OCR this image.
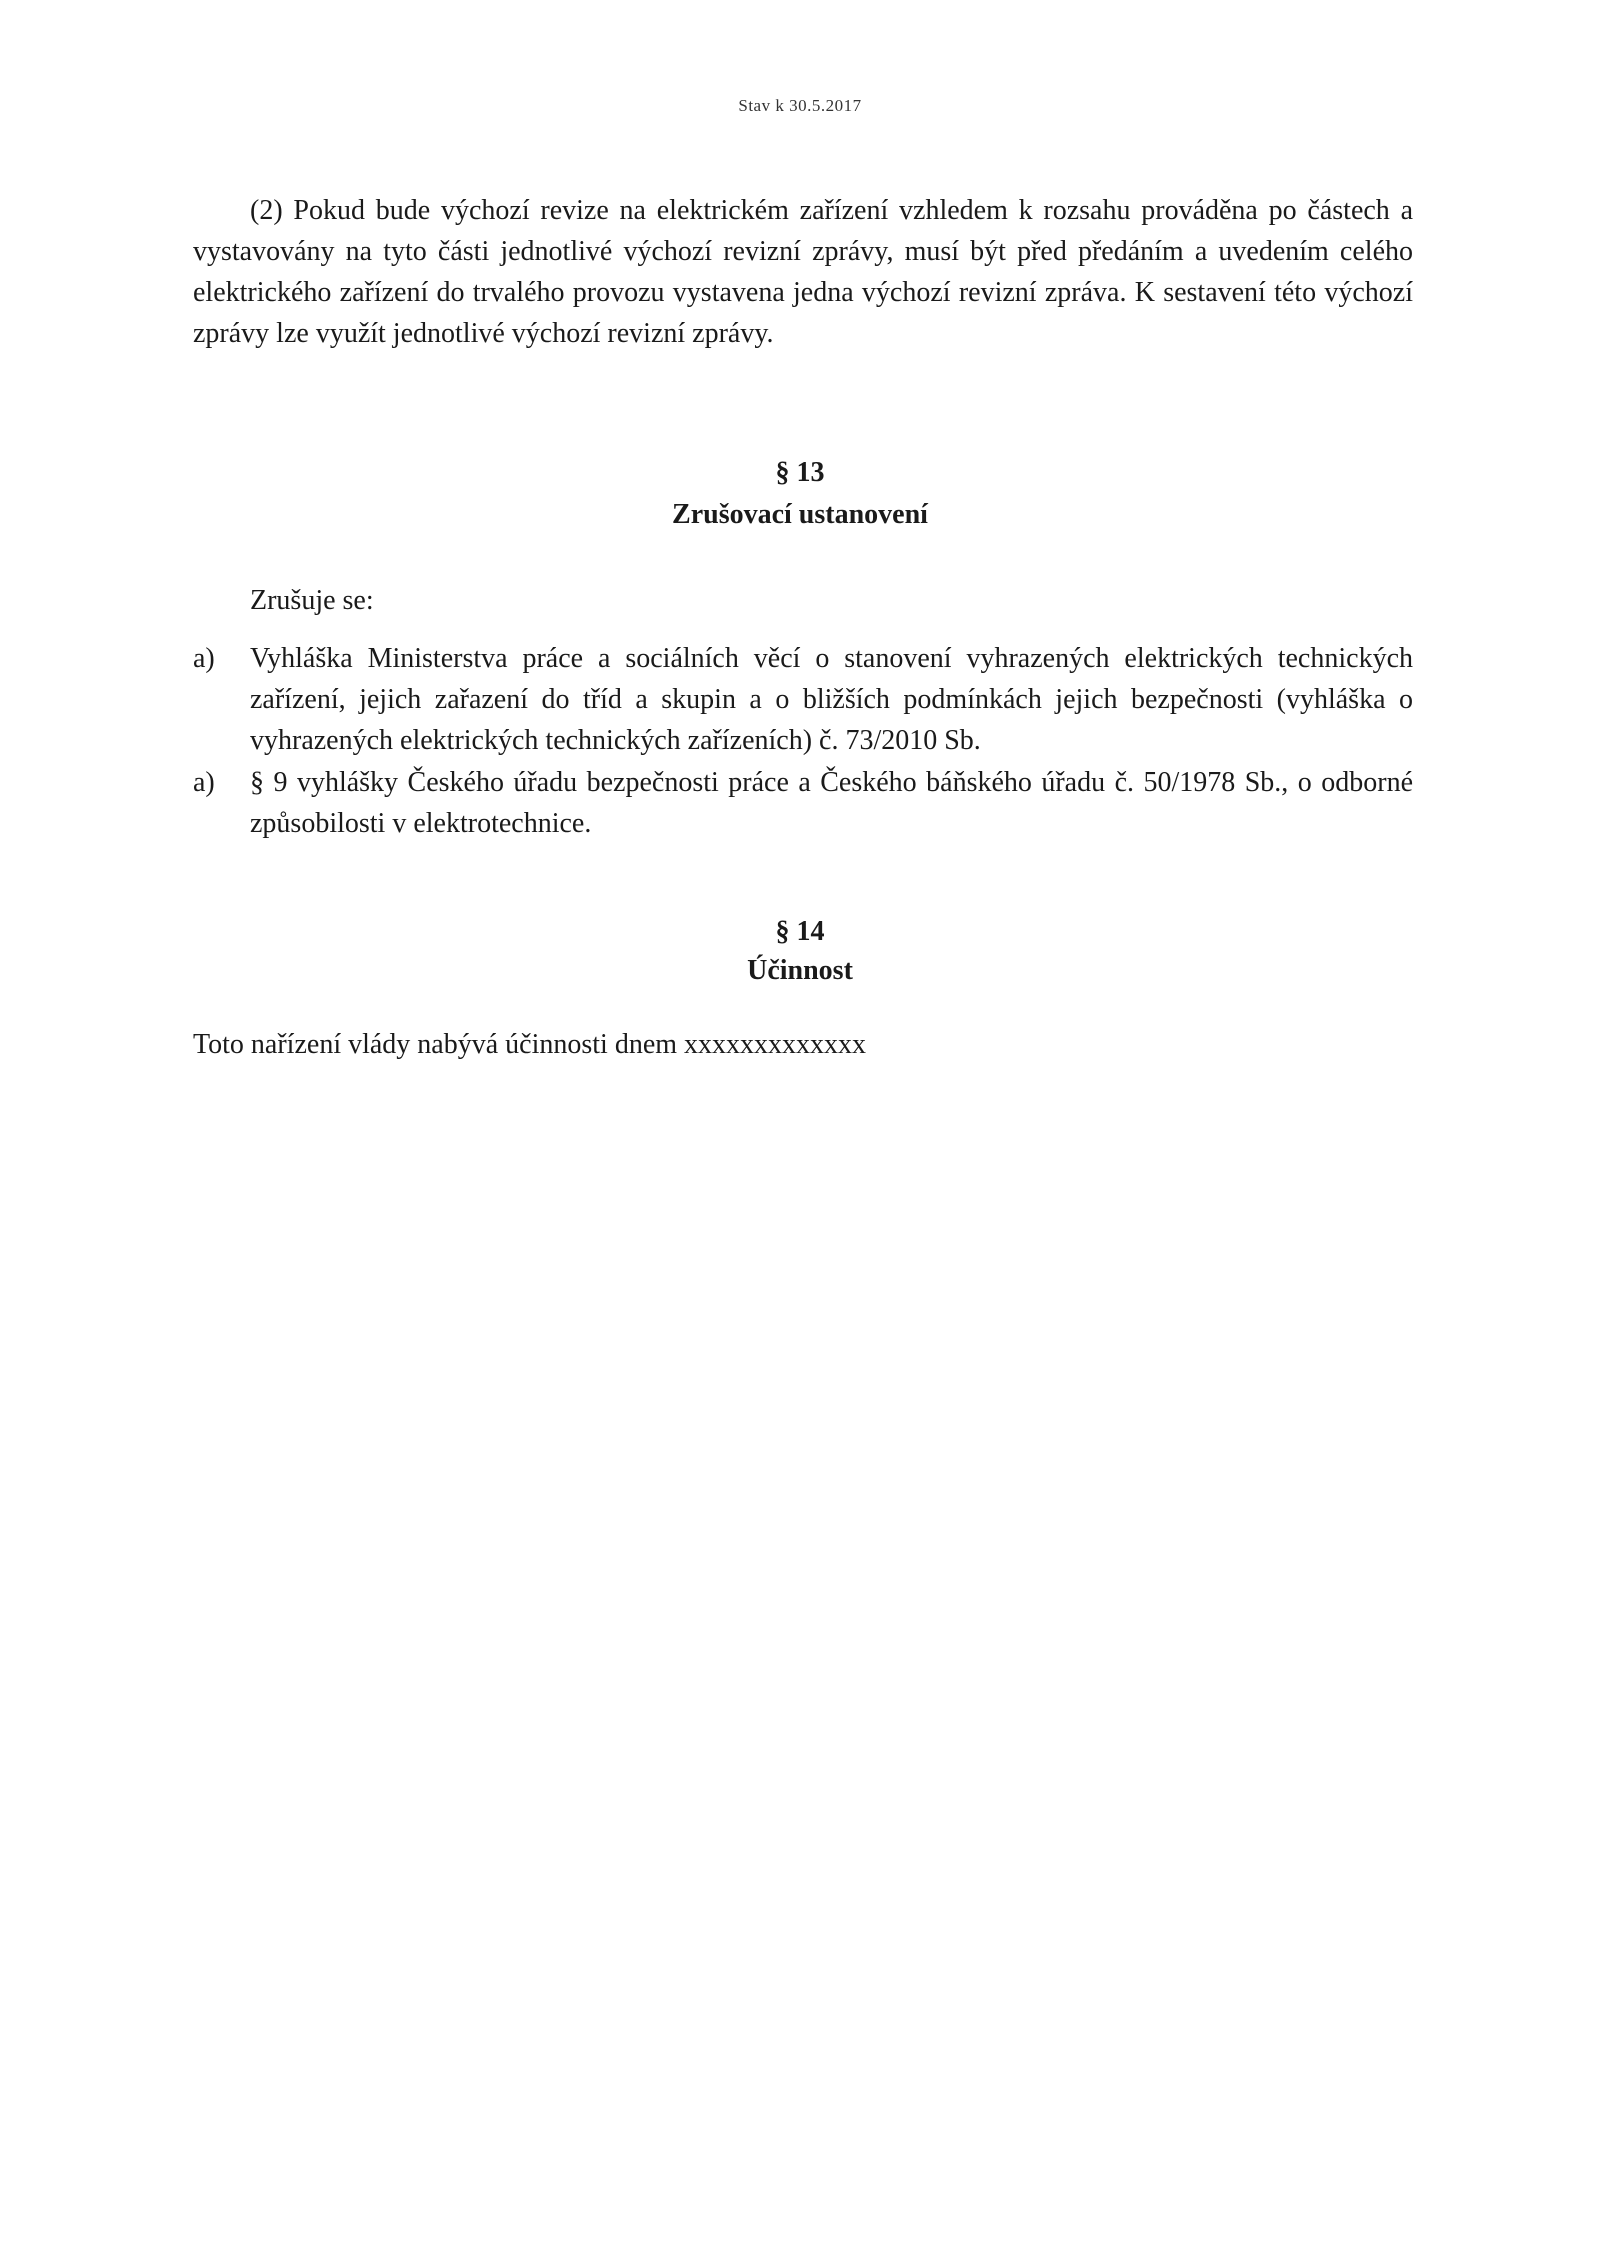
Stav k 30.5.2017

(2) Pokud bude výchozí revize na elektrickém zařízení vzhledem k rozsahu prováděna po částech a vystavovány na tyto části jednotlivé výchozí revizní zprávy, musí být před předáním a uvedením celého elektrického zařízení do trvalého provozu vystavena jedna výchozí revizní zpráva. K sestavení této výchozí zprávy lze využít jednotlivé výchozí revizní zprávy.

§ 13
Zrušovací ustanovení

Zrušuje se:

a)	Vyhláška Ministerstva práce a sociálních věcí o stanovení vyhrazených elektrických technických zařízení, jejich zařazení do tříd a skupin a o bližších podmínkách jejich bezpečnosti (vyhláška o vyhrazených elektrických technických zařízeních) č. 73/2010 Sb.
a)	§ 9 vyhlášky Českého úřadu bezpečnosti práce a Českého báňského úřadu č. 50/1978 Sb., o odborné způsobilosti v elektrotechnice.
§ 14
Účinnost

Toto nařízení vlády nabývá účinnosti dnem xxxxxxxxxxxxx
